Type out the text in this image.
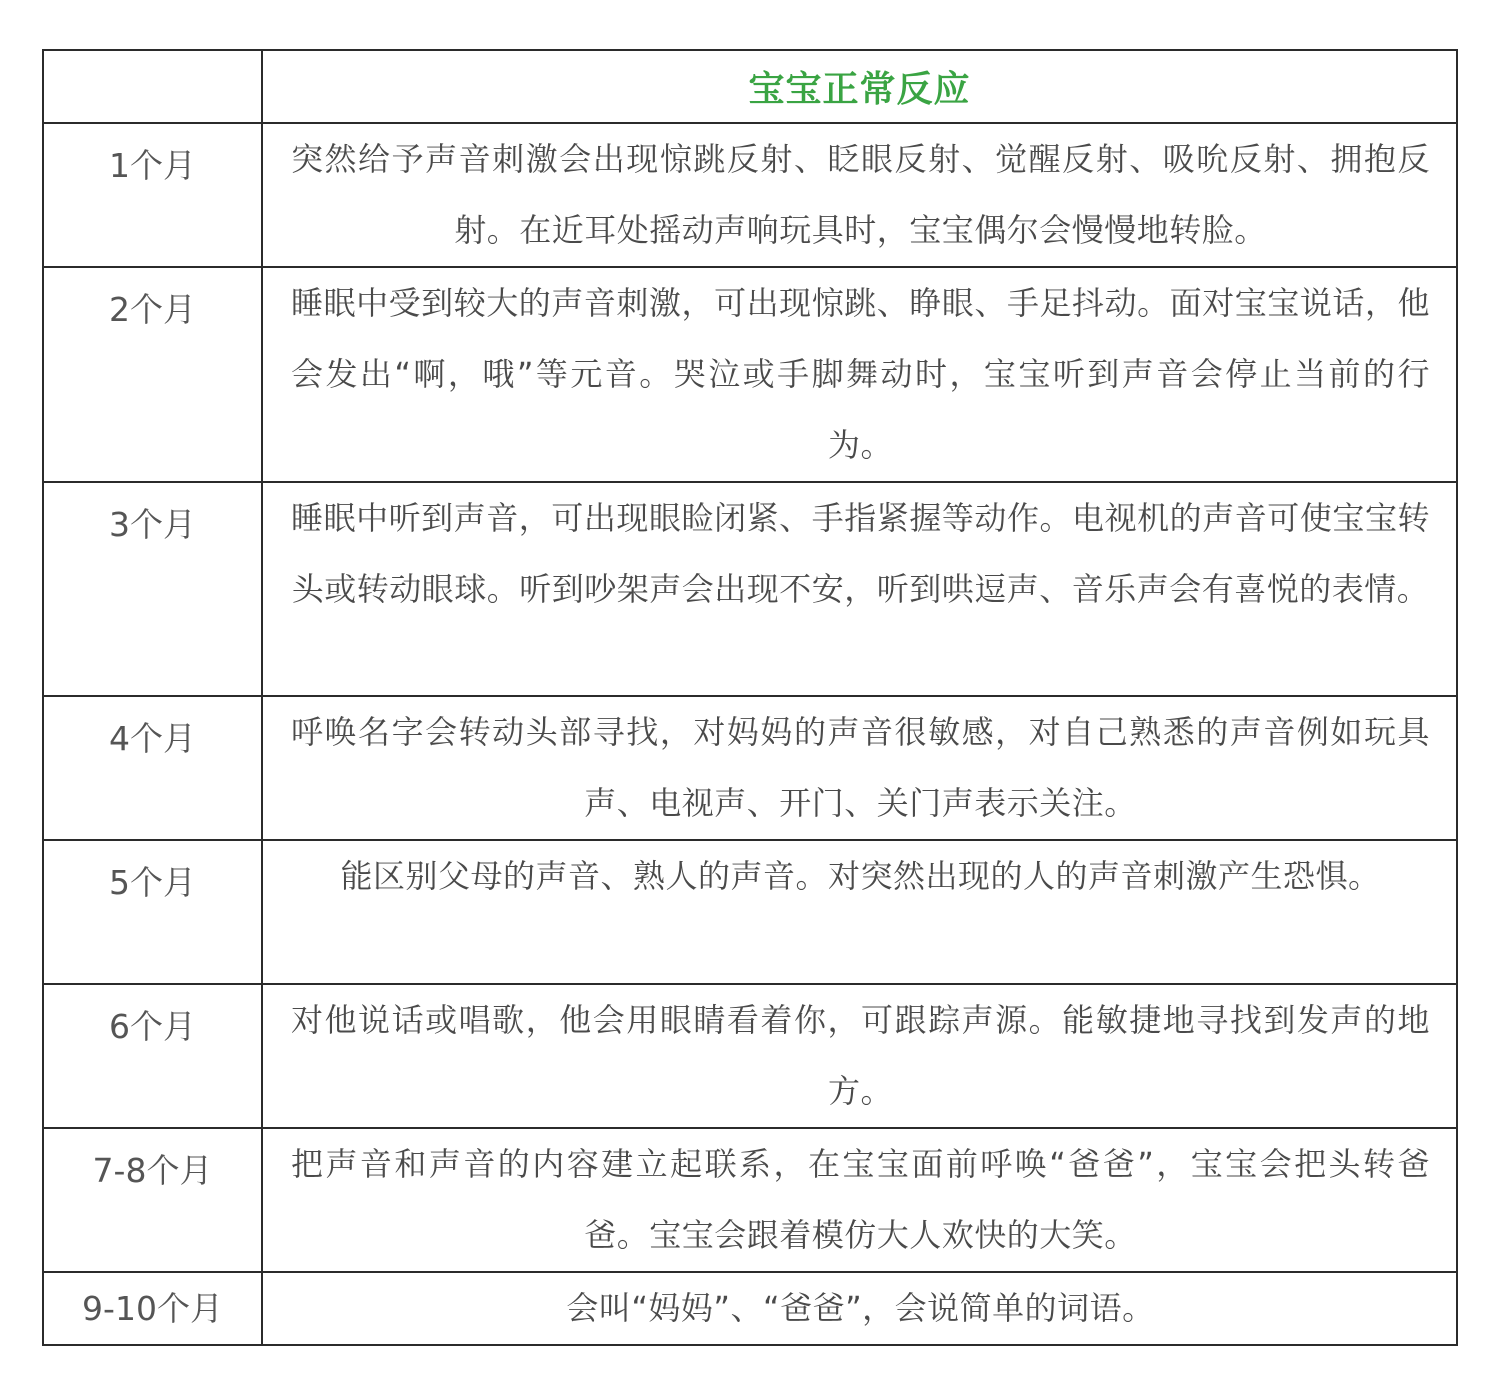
	宝宝正常反应
1个月	突然给予声音刺激会出现惊跳反射、眨眼反射、觉醒反射、吸吮反射、拥抱反射。在近耳处摇动声响玩具时，宝宝偶尔会慢慢地转脸。
2个月	睡眠中受到较大的声音刺激，可出现惊跳、睁眼、手足抖动。面对宝宝说话，他会发出“啊，哦”等元音。哭泣或手脚舞动时，宝宝听到声音会停止当前的行为。
3个月	睡眠中听到声音，可出现眼睑闭紧、手指紧握等动作。电视机的声音可使宝宝转头或转动眼球。听到吵架声会出现不安，听到哄逗声、音乐声会有喜悦的表情。
4个月	呼唤名字会转动头部寻找，对妈妈的声音很敏感，对自己熟悉的声音例如玩具声、电视声、开门、关门声表示关注。
5个月	能区别父母的声音、熟人的声音。对突然出现的人的声音刺激产生恐惧。
6个月	对他说话或唱歌，他会用眼睛看着你，可跟踪声源。能敏捷地寻找到发声的地方。
7-8个月	把声音和声音的内容建立起联系，在宝宝面前呼唤“爸爸”，宝宝会把头转爸爸。宝宝会跟着模仿大人欢快的大笑。
9-10个月	会叫“妈妈”、“爸爸”，会说简单的词语。
